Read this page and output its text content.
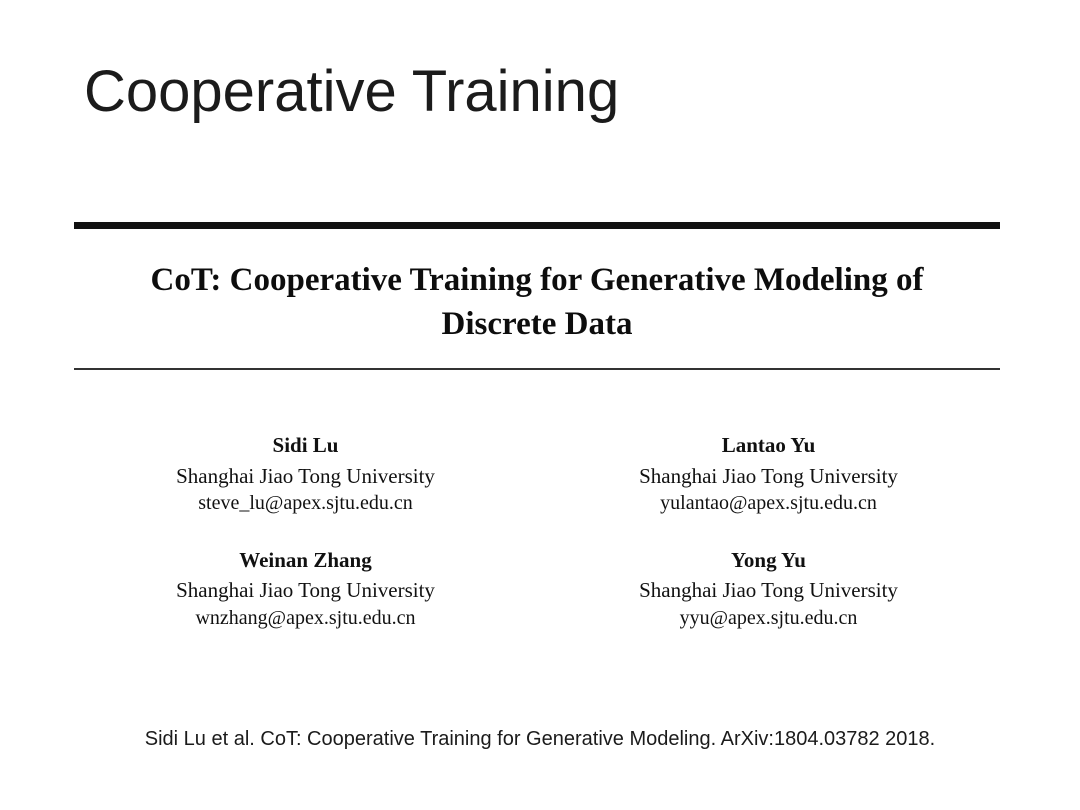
Cooperative Training
CoT: Cooperative Training for Generative Modeling of Discrete Data
Sidi Lu
Shanghai Jiao Tong University
steve_lu@apex.sjtu.edu.cn
Lantao Yu
Shanghai Jiao Tong University
yulantao@apex.sjtu.edu.cn
Weinan Zhang
Shanghai Jiao Tong University
wnzhang@apex.sjtu.edu.cn
Yong Yu
Shanghai Jiao Tong University
yyu@apex.sjtu.edu.cn
Sidi Lu et al. CoT: Cooperative Training for Generative Modeling. ArXiv:1804.03782 2018.
